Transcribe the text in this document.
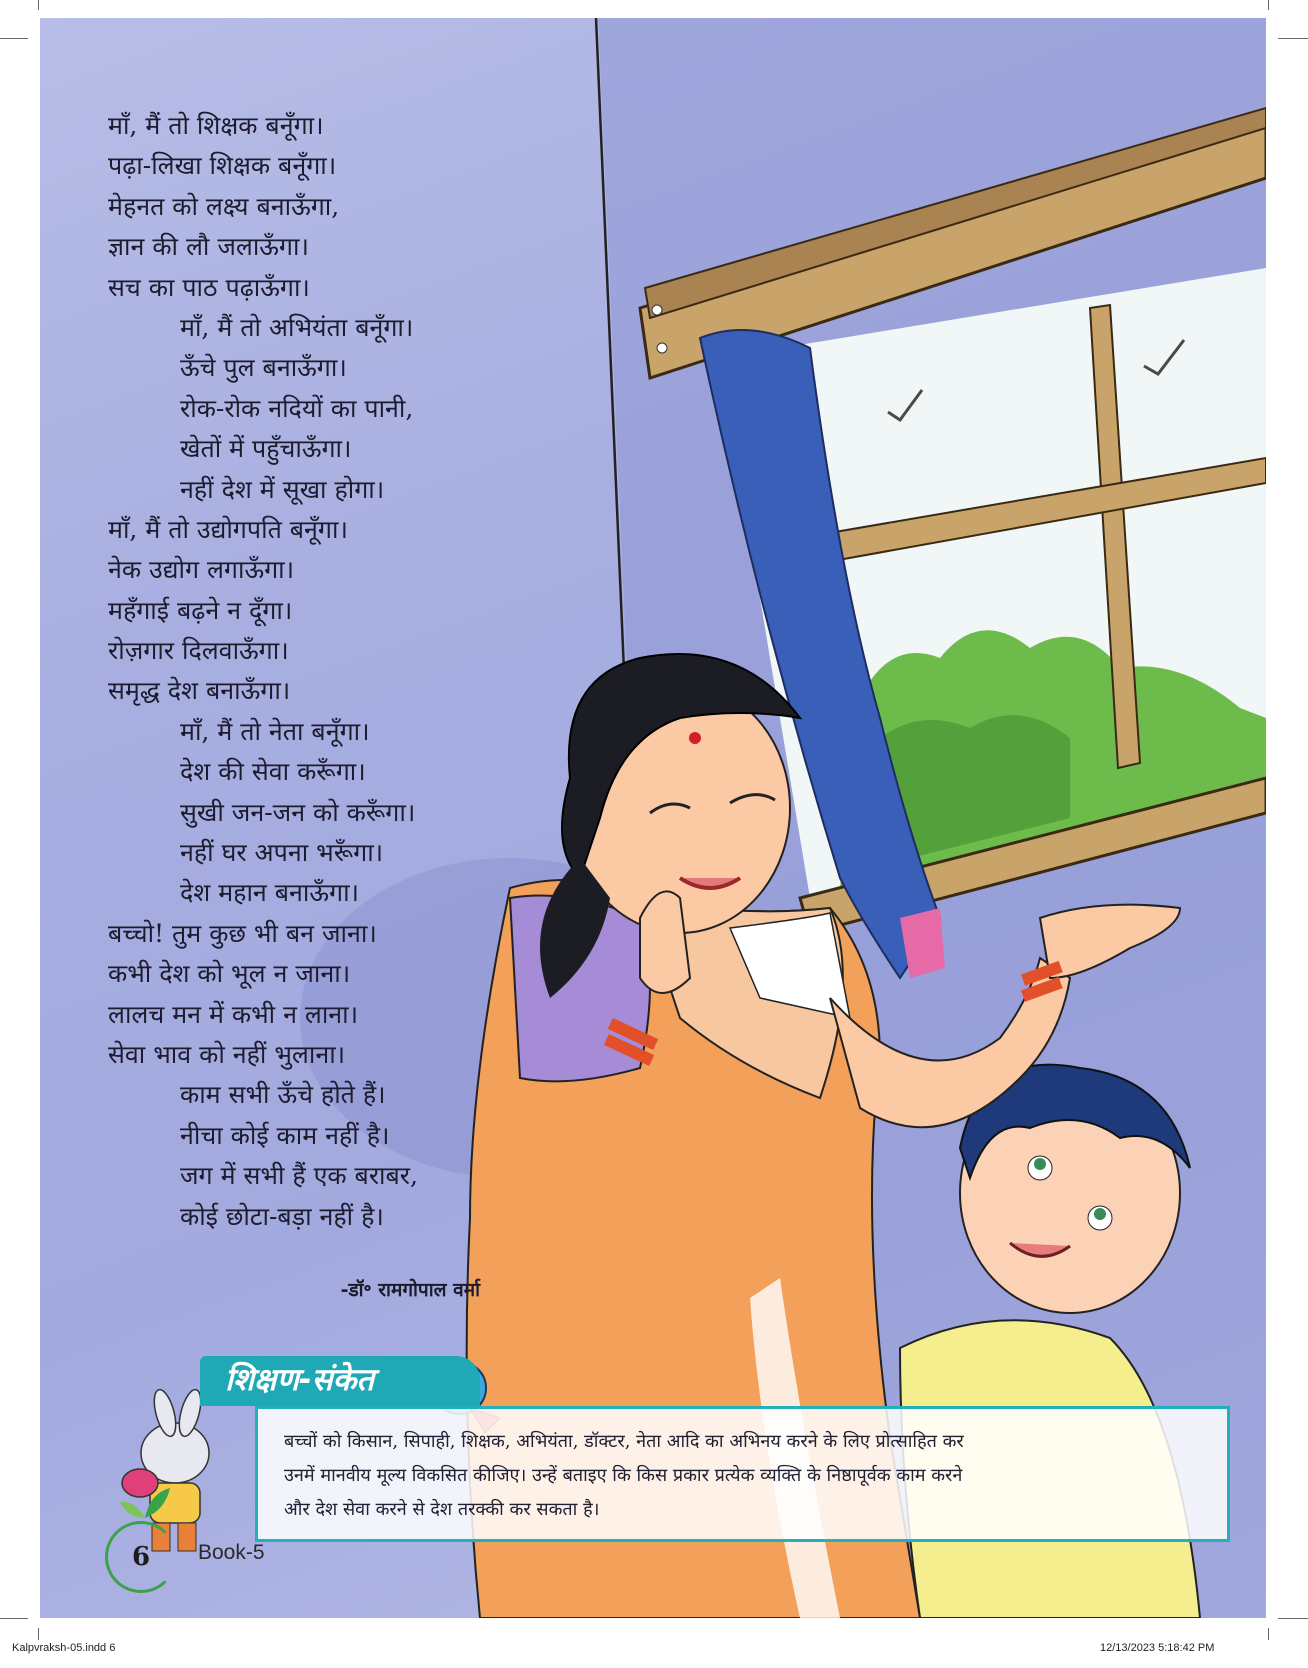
माँ, मैं तो शिक्षक बनूँगा।
पढ़ा-लिखा शिक्षक बनूँगा।
मेहनत को लक्ष्य बनाऊँगा,
ज्ञान की लौ जलाऊँगा।
सच का पाठ पढ़ाऊँगा।
माँ, मैं तो अभियंता बनूँगा।
ऊँचे पुल बनाऊँगा।
रोक-रोक नदियों का पानी,
खेतों में पहुँचाऊँगा।
नहीं देश में सूखा होगा।
माँ, मैं तो उद्योगपति बनूँगा।
नेक उद्योग लगाऊँगा।
महँगाई बढ़ने न दूँगा।
रोज़गार दिलवाऊँगा।
समृद्ध देश बनाऊँगा।
माँ, मैं तो नेता बनूँगा।
देश की सेवा करूँगा।
सुखी जन-जन को करूँगा।
नहीं घर अपना भरूँगा।
देश महान बनाऊँगा।
बच्चो! तुम कुछ भी बन जाना।
कभी देश को भूल न जाना।
लालच मन में कभी न लाना।
सेवा भाव को नहीं भुलाना।
काम सभी ऊँचे होते हैं।
नीचा कोई काम नहीं है।
जग में सभी हैं एक बराबर,
कोई छोटा-बड़ा नहीं है।
-डॉ॰ रामगोपाल वर्मा
शिक्षण-संकेत
बच्चों को किसान, सिपाही, शिक्षक, अभियंता, डॉक्टर, नेता आदि का अभिनय करने के लिए प्रोत्साहित कर
उनमें मानवीय मूल्य विकसित कीजिए। उन्हें बताइए कि किस प्रकार प्रत्येक व्यक्ति के निष्ठापूर्वक काम करने
और देश सेवा करने से देश तरक्की कर सकता है।
6	Book-5
Kalpvraksh-05.indd 6	12/13/2023 5:18:42 PM
